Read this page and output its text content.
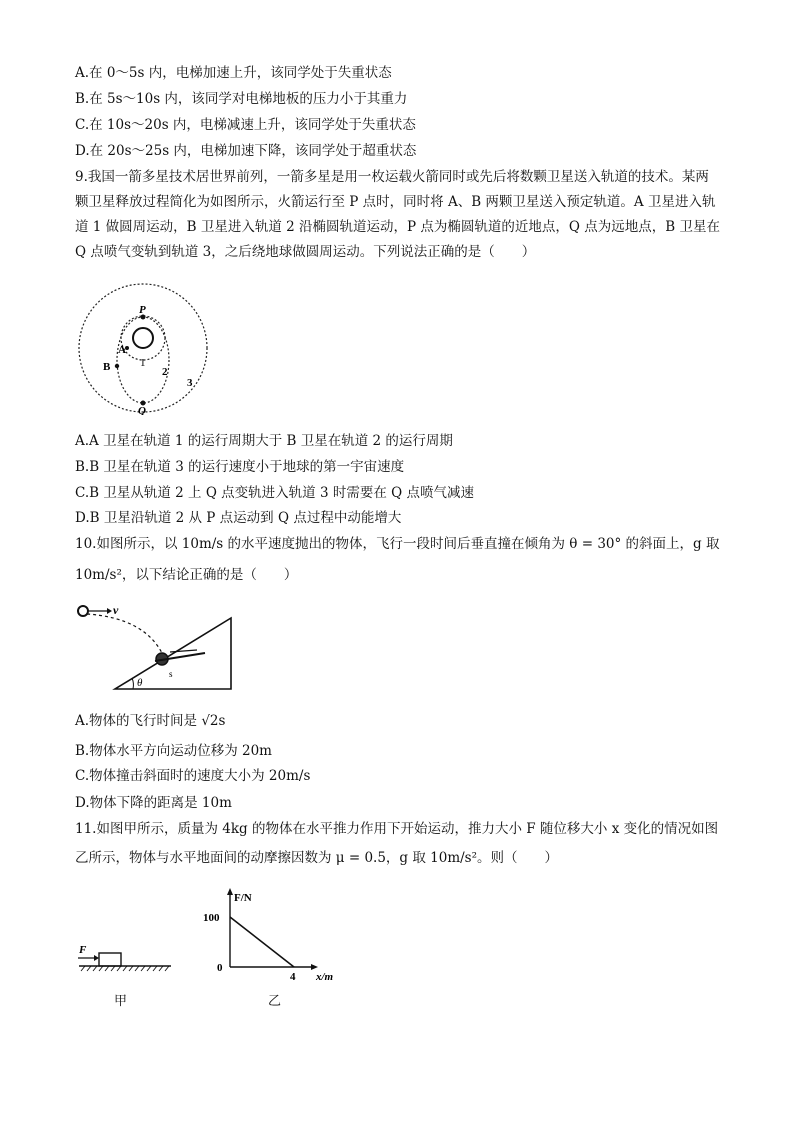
A.在 0～5s 内，电梯加速上升，该同学处于失重状态
B.在 5s～10s 内，该同学对电梯地板的压力小于其重力
C.在 10s～20s 内，电梯减速上升，该同学处于失重状态
D.在 20s～25s 内，电梯加速下降，该同学处于超重状态
9.我国一箭多星技术居世界前列，一箭多星是用一枚运载火箭同时或先后将数颗卫星送入轨道的技术。某两
颗卫星释放过程简化为如图所示，火箭运行至 P 点时，同时将 A、B 两颗卫星送入预定轨道。A 卫星进入轨
道 1 做圆周运动，B 卫星进入轨道 2 沿椭圆轨道运动，P 点为椭圆轨道的近地点，Q 点为远地点，B 卫星在
Q 点喷气变轨到轨道 3，之后绕地球做圆周运动。下列说法正确的是（　　）
P
A
B	1
2
3
Q
A.A 卫星在轨道 1 的运行周期大于 B 卫星在轨道 2 的运行周期
B.B 卫星在轨道 3 的运行速度小于地球的第一宇宙速度
C.B 卫星从轨道 2 上 Q 点变轨进入轨道 3 时需要在 Q 点喷气减速
D.B 卫星沿轨道 2 从 P 点运动到 Q 点过程中动能增大
10.如图所示，以 10m/s 的水平速度抛出的物体，飞行一段时间后垂直撞在倾角为 θ = 30° 的斜面上，g 取
10m/s²，以下结论正确的是（　　）
v
θ
s
A.物体的飞行时间是 √2s
B.物体水平方向运动位移为 20m
C.物体撞击斜面时的速度大小为 20m/s
D.物体下降的距离是 10m
11.如图甲所示，质量为 4kg 的物体在水平推力作用下开始运动，推力大小 F 随位移大小 x 变化的情况如图
乙所示，物体与水平地面间的动摩擦因数为 μ = 0.5，g 取 10m/s²。则（　　）
F
甲
F/N
100
0
4 x/m
乙
